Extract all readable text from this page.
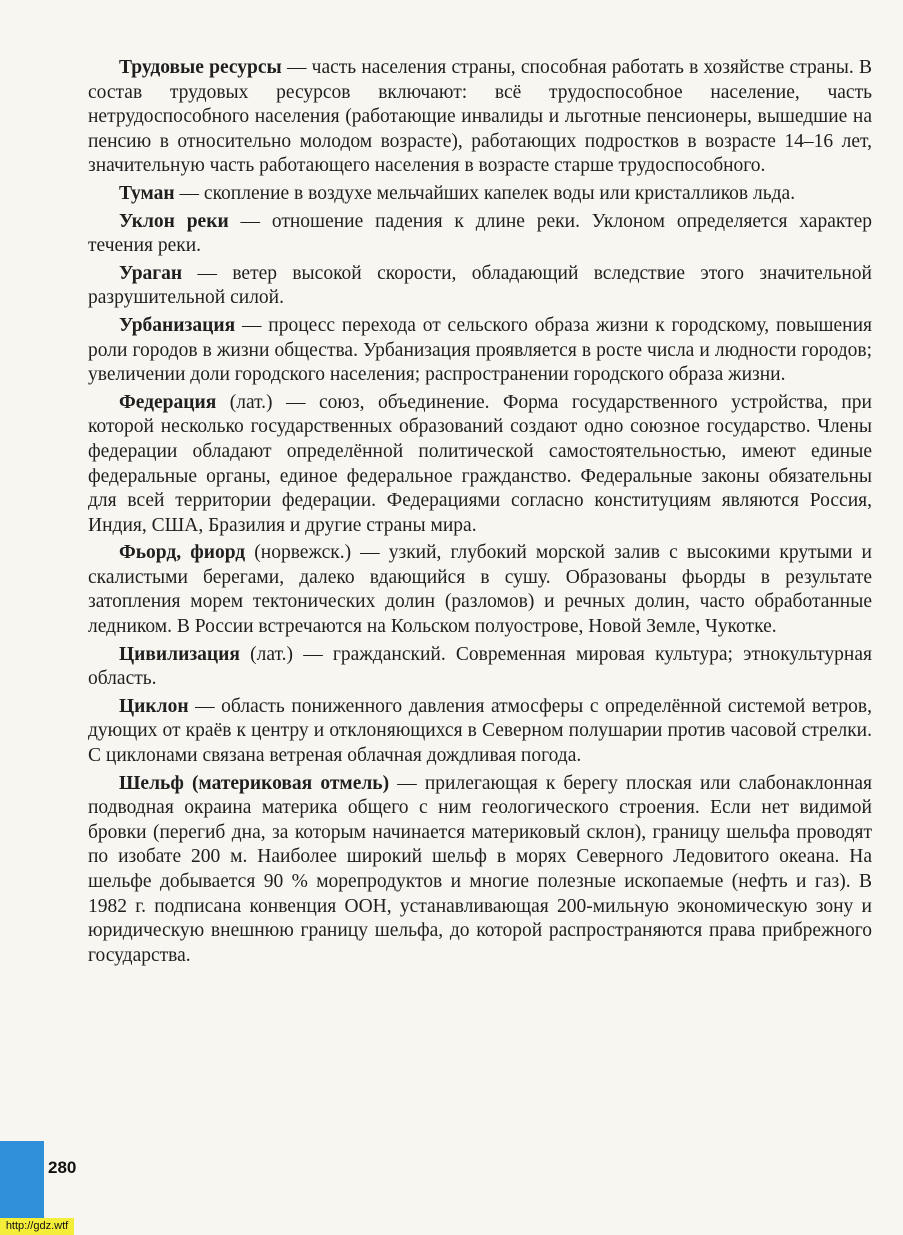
Трудовые ресурсы — часть населения страны, способная работать в хозяйстве страны. В состав трудовых ресурсов включают: всё трудоспособное население, часть нетрудоспособного населения (работающие инвалиды и льготные пенсионеры, вышедшие на пенсию в относительно молодом возрасте), работающих подростков в возрасте 14–16 лет, значительную часть работающего населения в возрасте старше трудоспособного.

Туман — скопление в воздухе мельчайших капелек воды или кристалликов льда.

Уклон реки — отношение падения к длине реки. Уклоном определяется характер течения реки.

Ураган — ветер высокой скорости, обладающий вследствие этого значительной разрушительной силой.

Урбанизация — процесс перехода от сельского образа жизни к городскому, повышения роли городов в жизни общества. Урбанизация проявляется в росте числа и людности городов; увеличении доли городского населения; распространении городского образа жизни.

Федерация (лат.) — союз, объединение. Форма государственного устройства, при которой несколько государственных образований создают одно союзное государство. Члены федерации обладают определённой политической самостоятельностью, имеют единые федеральные органы, единое федеральное гражданство. Федеральные законы обязательны для всей территории федерации. Федерациями согласно конституциям являются Россия, Индия, США, Бразилия и другие страны мира.

Фьорд, фиорд (норвежск.) — узкий, глубокий морской залив с высокими крутыми и скалистыми берегами, далеко вдающийся в сушу. Образованы фьорды в результате затопления морем тектонических долин (разломов) и речных долин, часто обработанные ледником. В России встречаются на Кольском полуострове, Новой Земле, Чукотке.

Цивилизация (лат.) — гражданский. Современная мировая культура; этнокультурная область.

Циклон — область пониженного давления атмосферы с определённой системой ветров, дующих от краёв к центру и отклоняющихся в Северном полушарии против часовой стрелки. С циклонами связана ветреная облачная дождливая погода.

Шельф (материковая отмель) — прилегающая к берегу плоская или слабонаклонная подводная окраина материка общего с ним геологического строения. Если нет видимой бровки (перегиб дна, за которым начинается материковый склон), границу шельфа проводят по изобате 200 м. Наиболее широкий шельф в морях Северного Ледовитого океана. На шельфе добывается 90 % морепродуктов и многие полезные ископаемые (нефть и газ). В 1982 г. подписана конвенция ООН, устанавливающая 200-мильную экономическую зону и юридическую внешнюю границу шельфа, до которой распространяются права прибрежного государства.

280
http://gdz.wtf
